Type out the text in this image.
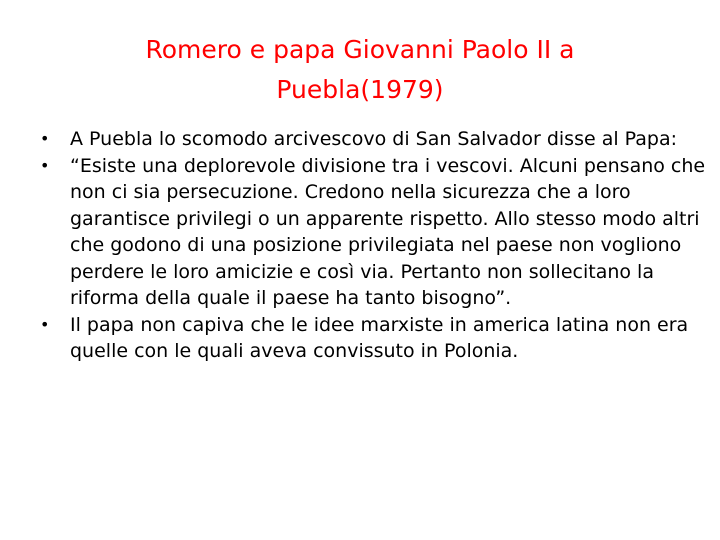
Romero e papa Giovanni Paolo II a Puebla(1979)
•	A Puebla lo scomodo arcivescovo di San Salvador disse al Papa:
•	“Esiste una deplorevole divisione tra i vescovi. Alcuni pensano che non ci sia persecuzione. Credono nella sicurezza che a loro garantisce privilegi o un apparente rispetto. Allo stesso modo altri che godono di una posizione privilegiata nel paese non vogliono perdere le loro amicizie e così via. Pertanto non sollecitano la riforma della quale il paese ha tanto bisogno”.
•	Il papa non capiva che le idee marxiste in america latina non era quelle con le quali aveva convissuto in Polonia.
